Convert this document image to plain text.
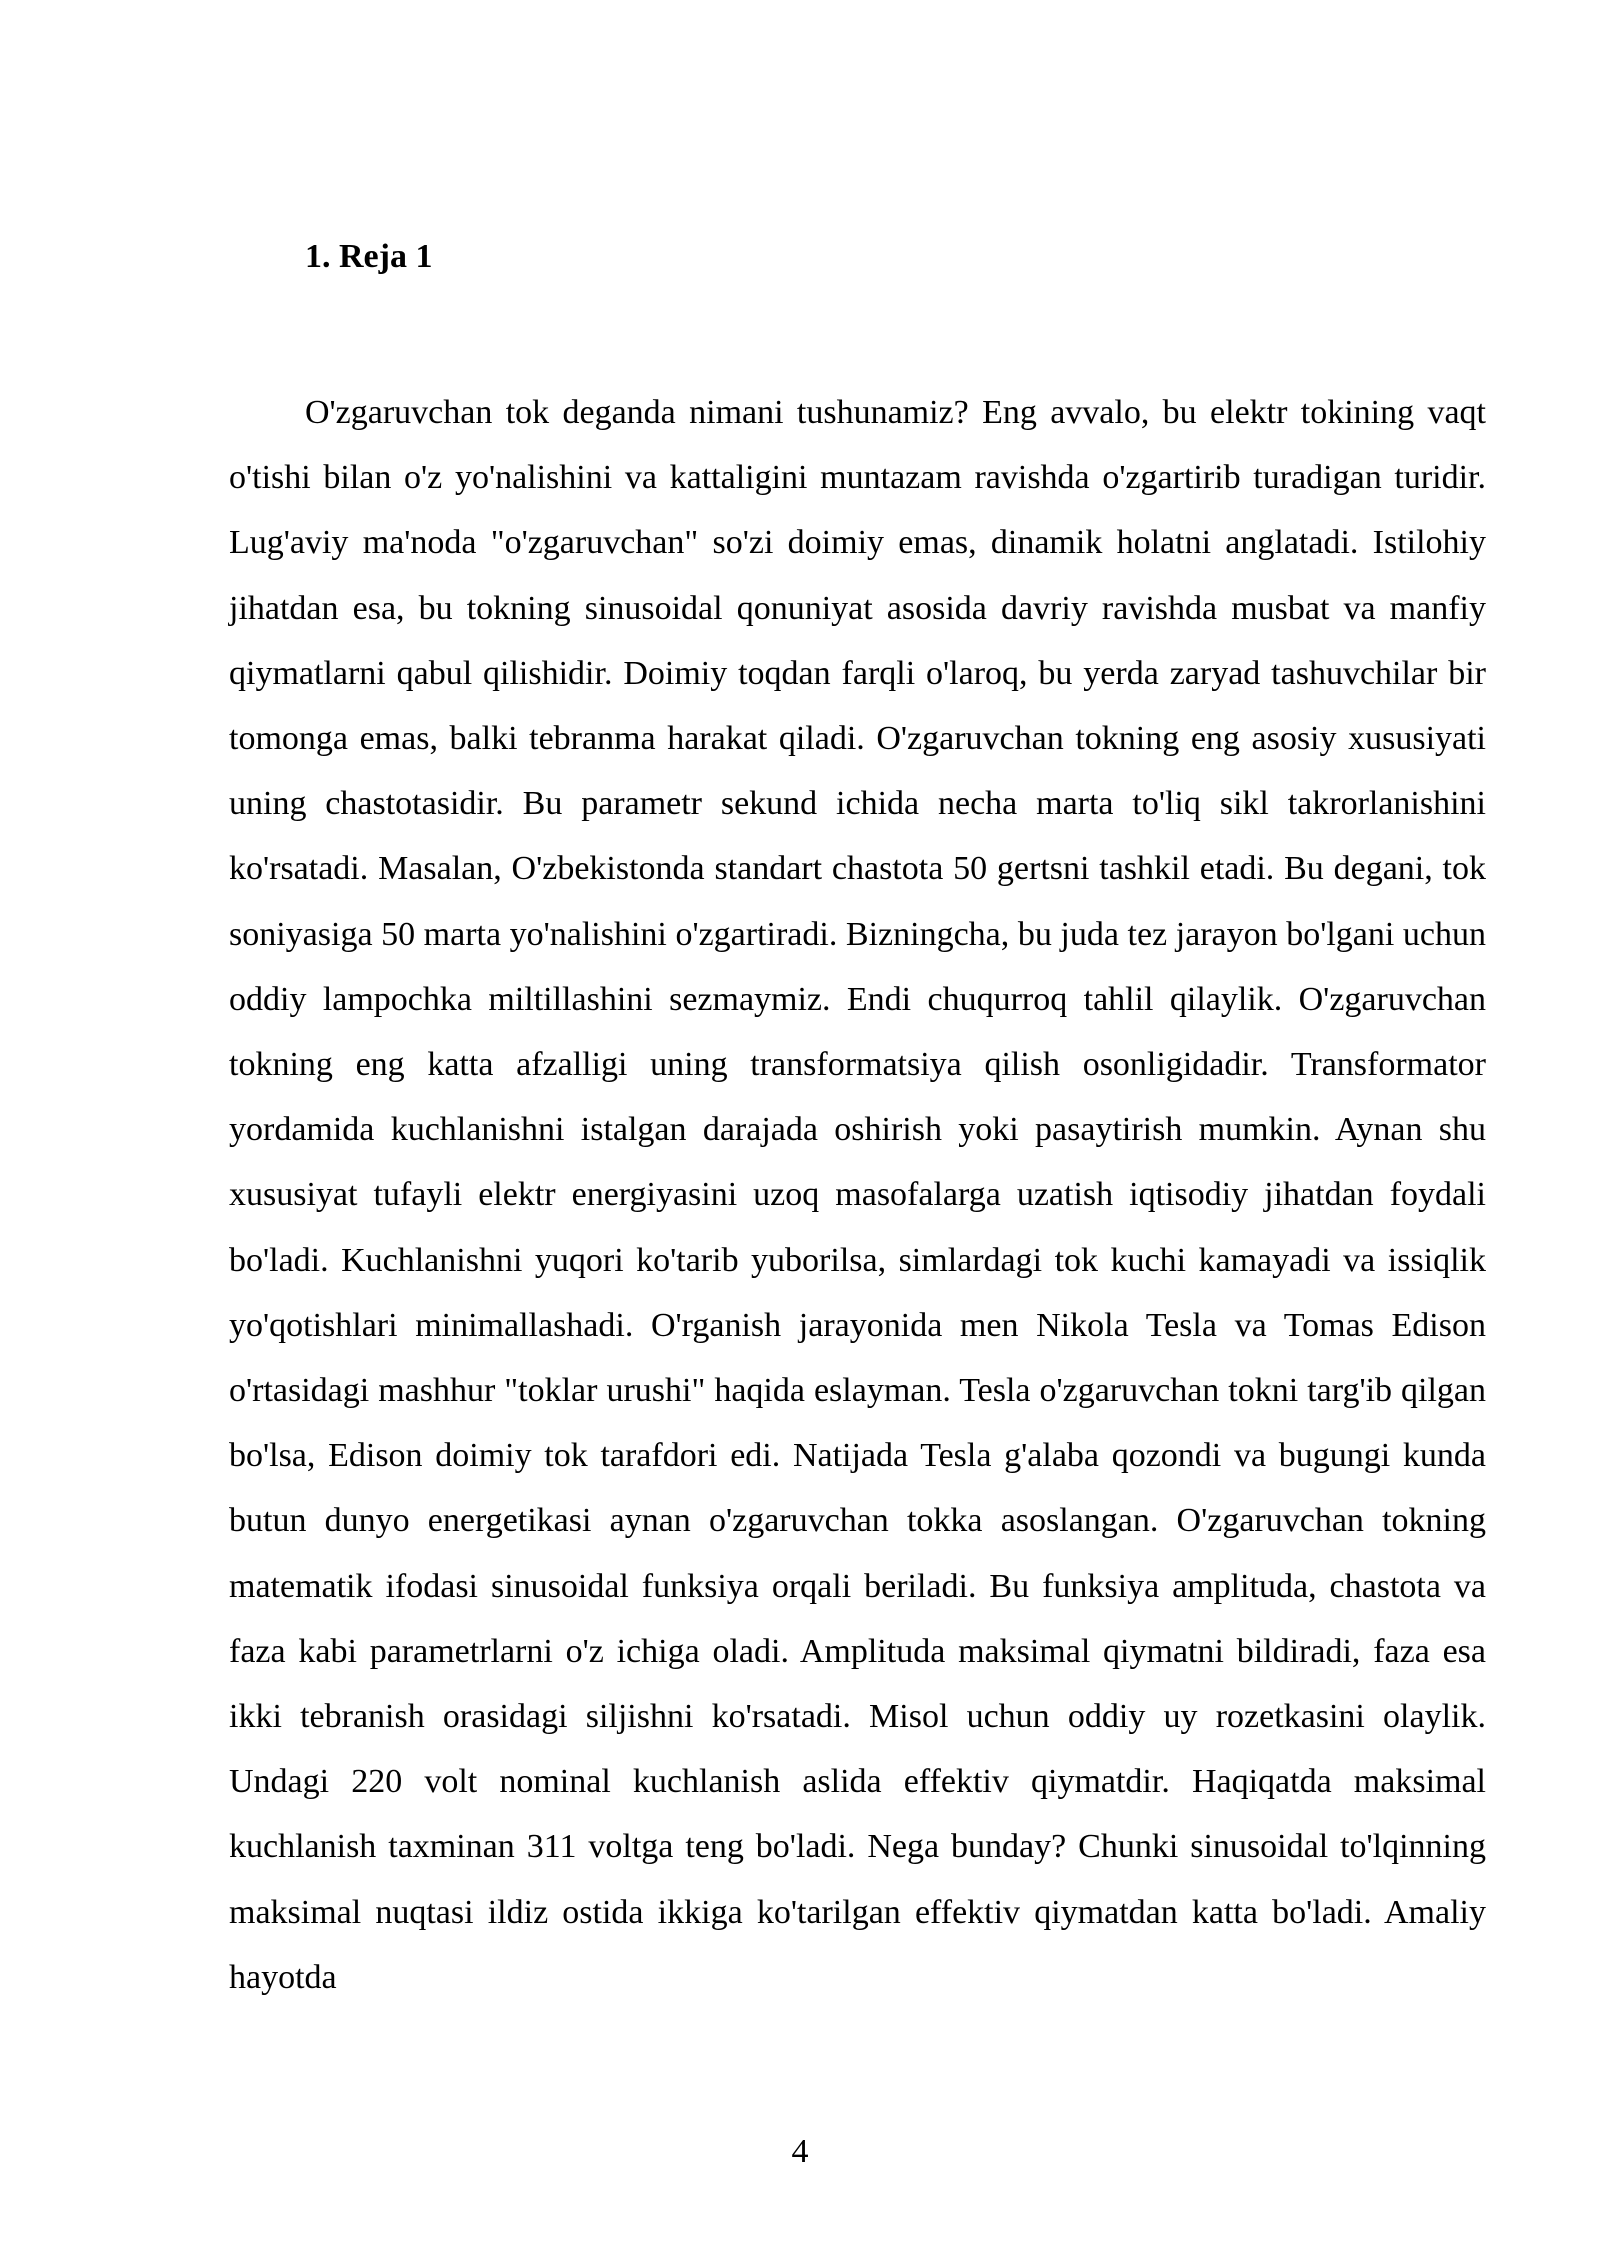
1. Reja 1

O'zgaruvchan tok deganda nimani tushunamiz? Eng avvalo, bu elektr tokining vaqt o'tishi bilan o'z yo'nalishini va kattaligini muntazam ravishda o'zgartirib turadigan turidir. Lug'aviy ma'noda "o'zgaruvchan" so'zi doimiy emas, dinamik holatni anglatadi. Istilohiy jihatdan esa, bu tokning sinusoidal qonuniyat asosida davriy ravishda musbat va manfiy qiymatlarni qabul qilishidir. Doimiy toqdan farqli o'laroq, bu yerda zaryad tashuvchilar bir tomonga emas, balki tebranma harakat qiladi. O'zgaruvchan tokning eng asosiy xususiyati uning chastotasidir. Bu parametr sekund ichida necha marta to'liq sikl takrorlanishini ko'rsatadi. Masalan, O'zbekistonda standart chastota 50 gertsni tashkil etadi. Bu degani, tok soniyasiga 50 marta yo'nalishini o'zgartiradi. Bizningcha, bu juda tez jarayon bo'lgani uchun oddiy lampochka miltillashini sezmaymiz. Endi chuqurroq tahlil qilaylik. O'zgaruvchan tokning eng katta afzalligi uning transformatsiya qilish osonligidadir. Transformator yordamida kuchlanishni istalgan darajada oshirish yoki pasaytirish mumkin. Aynan shu xususiyat tufayli elektr energiyasini uzoq masofalarga uzatish iqtisodiy jihatdan foydali bo'ladi. Kuchlanishni yuqori ko'tarib yuborilsa, simlardagi tok kuchi kamayadi va issiqlik yo'qotishlari minimallashadi. O'rganish jarayonida men Nikola Tesla va Tomas Edison o'rtasidagi mashhur "toklar urushi" haqida eslayman. Tesla o'zgaruvchan tokni targ'ib qilgan bo'lsa, Edison doimiy tok tarafdori edi. Natijada Tesla g'alaba qozondi va bugungi kunda butun dunyo energetikasi aynan o'zgaruvchan tokka asoslangan. O'zgaruvchan tokning matematik ifodasi sinusoidal funksiya orqali beriladi. Bu funksiya amplituda, chastota va faza kabi parametrlarni o'z ichiga oladi. Amplituda maksimal qiymatni bildiradi, faza esa ikki tebranish orasidagi siljishni ko'rsatadi. Misol uchun oddiy uy rozetkasini olaylik. Undagi 220 volt nominal kuchlanish aslida effektiv qiymatdir. Haqiqatda maksimal kuchlanish taxminan 311 voltga teng bo'ladi. Nega bunday? Chunki sinusoidal to'lqinning maksimal nuqtasi ildiz ostida ikkiga ko'tarilgan effektiv qiymatdan katta bo'ladi. Amaliy hayotda

4
